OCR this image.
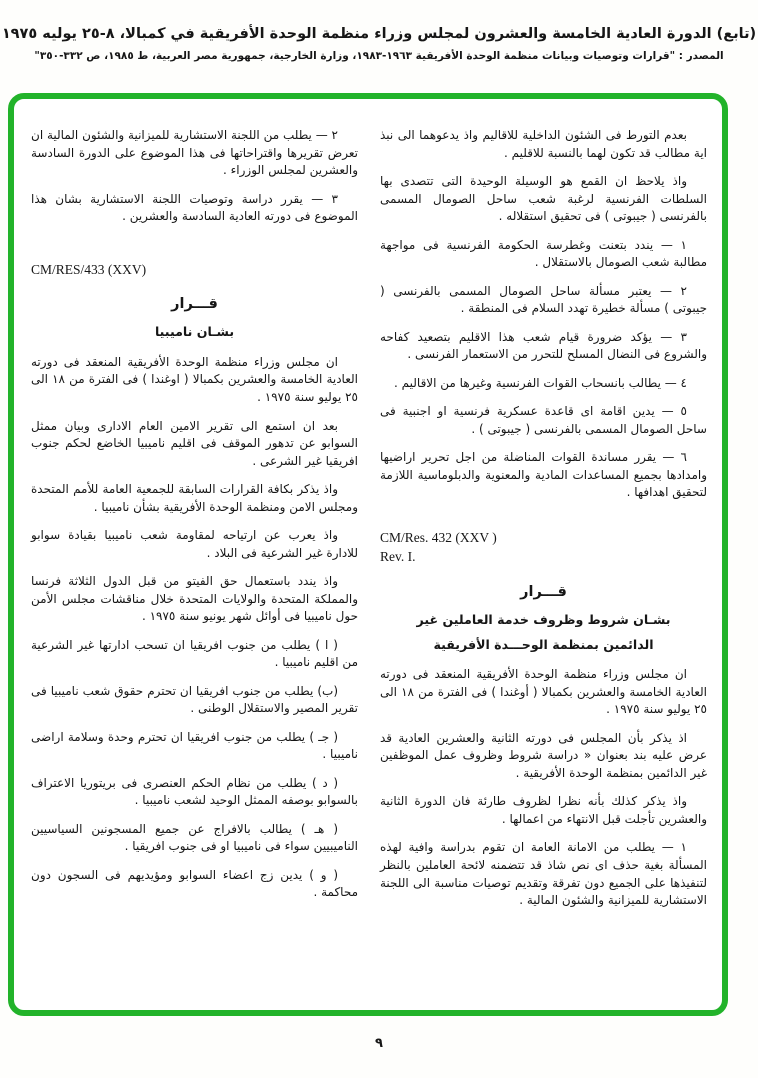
(تابع) الدورة العادية الخامسة والعشرون لمجلس وزراء منظمة الوحدة الأفريقية في كمبالا، ٨-٢٥ يوليه ١٩٧٥
المصدر : "قرارات وتوصيات وبيانات منظمة الوحدة الأفريقية ١٩٦٣-١٩٨٣، وزارة الخارجية، جمهورية مصر العربية، ط ١٩٨٥، ص ٣٣٢-٣٥٠"

بعدم التورط فى الشئون الداخلية للاقاليم واذ يدعوهما الى نبذ اية مطالب قد تكون لهما بالنسبة للاقليم .

واذ يلاحظ ان القمع هو الوسيلة الوحيدة التى تتصدى بها السلطات الفرنسية لرغبة شعب ساحل الصومال المسمى بالفرنسى ( جيبوتى ) فى تحقيق استقلاله .

١ — يندد بتعنت وغطرسة الحكومة الفرنسية فى مواجهة مطالبة شعب الصومال بالاستقلال .

٢ — يعتبر مسألة ساحل الصومال المسمى بالفرنسى ( جيبوتى ) مسألة خطيرة تهدد السلام فى المنطقة .

٣ — يؤكد ضرورة قيام شعب هذا الاقليم بتصعيد كفاحه والشروع فى النضال المسلح للتحرر من الاستعمار الفرنسى .

٤ — يطالب بانسحاب القوات الفرنسية وغيرها من الاقاليم .

٥ — يدين اقامة اى قاعدة عسكرية فرنسية او اجنبية فى ساحل الصومال المسمى بالفرنسى ( جيبوتى ) .

٦ — يقرر مساندة القوات المناضلة من اجل تحرير اراضيها وامدادها بجميع المساعدات المادية والمعنوية والدبلوماسية اللازمة لتحقيق اهدافها .

CM/Res. 432 (XXV )

Rev. I.

قـــرار

بشـان شروط وظروف خدمة العاملين غير

الدائمين بمنظمة الوحـــدة الأفريقية

ان مجلس وزراء منظمة الوحدة الأفريقية المنعقد فى دورته العادية الخامسة والعشرين بكمبالا ( أوغندا ) فى الفترة من ١٨ الى ٢٥ يوليو سنة ١٩٧٥ .

اذ يذكر بأن المجلس فى دورته الثانية والعشرين العادية قد عرض عليه بند بعنوان « دراسة شروط وظروف عمل الموظفين غير الدائمين بمنظمة الوحدة الأفريقية .

واذ يذكر كذلك بأنه نظرا لظروف طارئة فان الدورة الثانية والعشرين تأجلت قبل الانتهاء من اعمالها .

١ — يطلب من الامانة العامة ان تقوم بدراسة وافية لهذه المسألة بغية حذف اى نص شاذ قد تتضمنه لائحة العاملين بالنظر لتنفيذها على الجميع دون تفرقة وتقديم توصيات مناسبة الى اللجنة الاستشارية للميزانية والشئون المالية .

٢ — يطلب من اللجنة الاستشارية للميزانية والشئون المالية ان تعرض تقريرها واقتراحاتها فى هذا الموضوع على الدورة السادسة والعشرين لمجلس الوزراء .

٣ — يقرر دراسة وتوصيات اللجنة الاستشارية بشان هذا الموضوع فى دورته العادية السادسة والعشرين .

CM/RES/433 (XXV)

قـــرار

بشـان ناميبيا

ان مجلس وزراء منظمة الوحدة الأفريقية المنعقد فى دورته العادية الخامسة والعشرين بكمبالا ( اوغندا ) فى الفترة من ١٨ الى ٢٥ يوليو سنة ١٩٧٥ .

بعد ان استمع الى تقرير الامين العام الادارى وبيان ممثل السوابو عن تدهور الموقف فى اقليم ناميبيا الخاضع لحكم جنوب افريقيا غير الشرعى .

واذ يذكر بكافة القرارات السابقة للجمعية العامة للأمم المتحدة ومجلس الامن ومنظمة الوحدة الأفريقية بشأن ناميبيا .

واذ يعرب عن ارتياحه لمقاومة شعب ناميبيا بقيادة سوابو للادارة غير الشرعية فى البلاد .

واذ يندد باستعمال حق الفيتو من قبل الدول الثلاثة فرنسا والمملكة المتحدة والولايات المتحدة خلال مناقشات مجلس الأمن حول ناميبيا فى أوائل شهر يونيو سنة ١٩٧٥ .

( ا ) يطلب من جنوب افريقيا ان تسحب ادارتها غير الشرعية من اقليم ناميبيا .

(ب) يطلب من جنوب افريقيا ان تحترم حقوق شعب ناميبيا فى تقرير المصير والاستقلال الوطنى .

( جـ ) يطلب من جنوب افريقيا ان تحترم وحدة وسلامة اراضى ناميبيا .

( د ) يطلب من نظام الحكم العنصرى فى بريتوريا الاعتراف بالسوابو بوصفه الممثل الوحيد لشعب ناميبيا .

( هـ ) يطالب بالافراج عن جميع المسجونين السياسيين الناميبيين سواء فى ناميبيا او فى جنوب افريقيا .

( و ) يدين زج اعضاء السوابو ومؤيديهم فى السجون دون محاكمة .

٩
